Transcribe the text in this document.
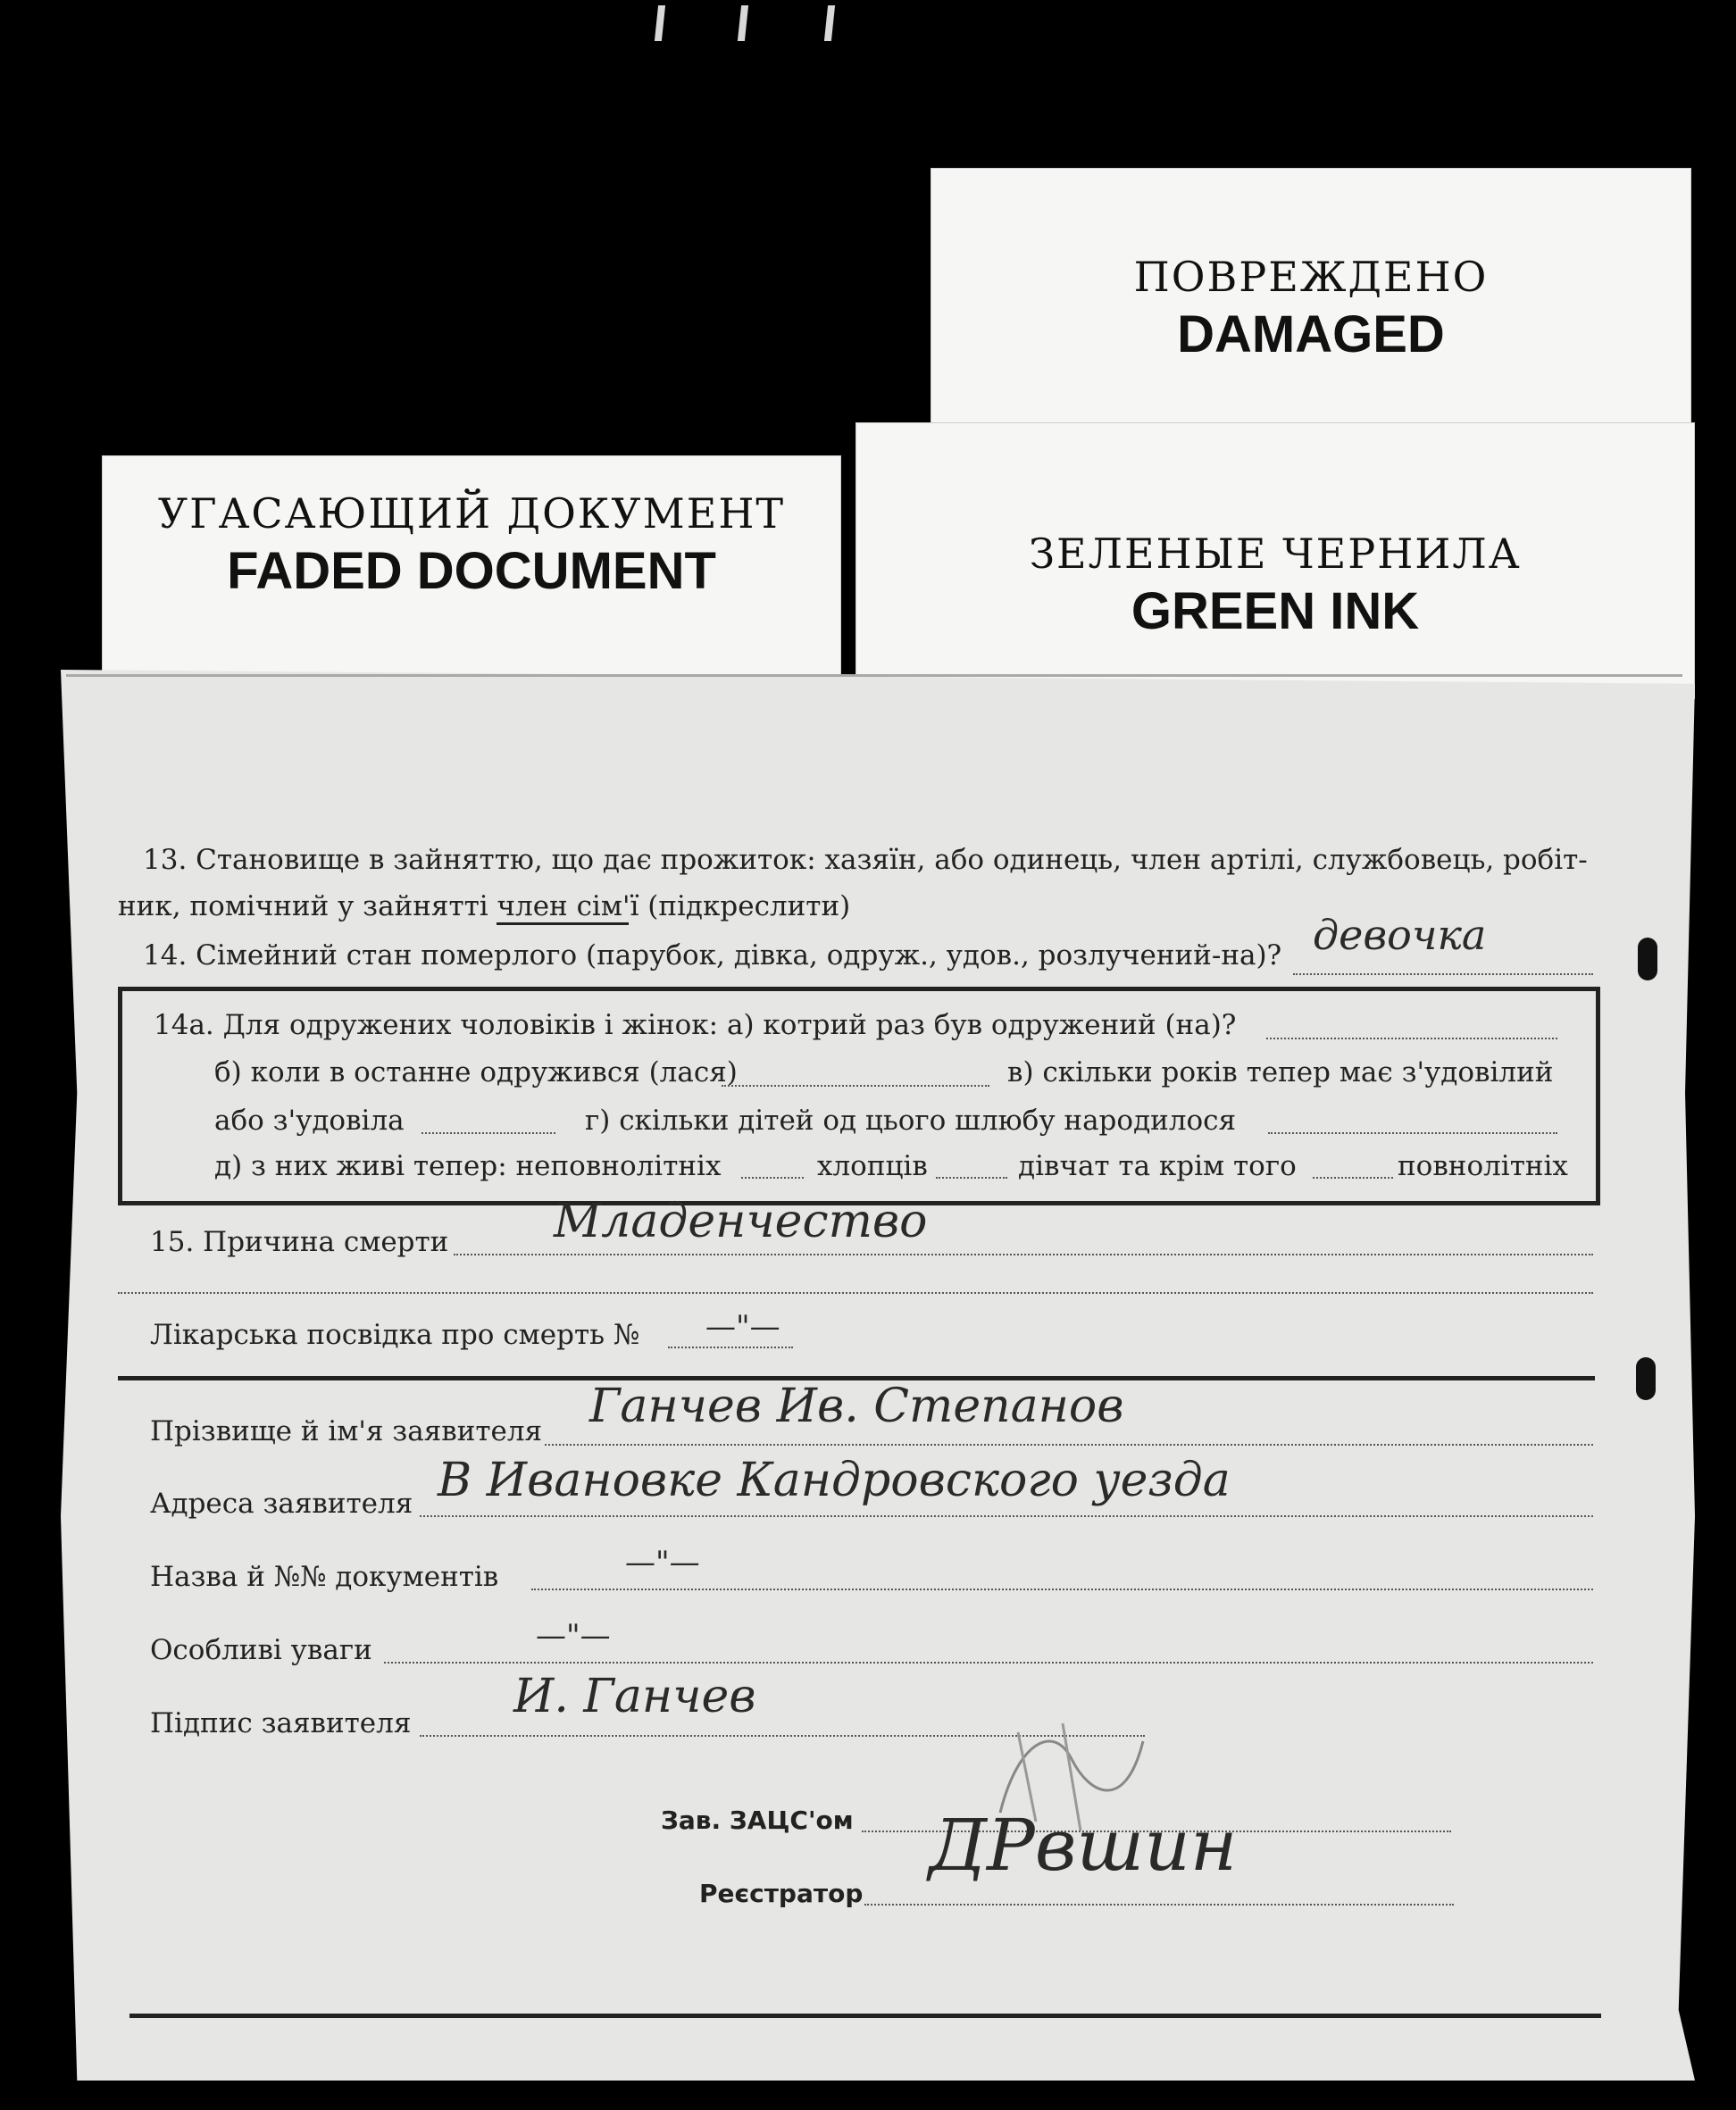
ПОВРЕЖДЕНО
DAMAGED
УГАСАЮЩИЙ ДОКУМЕНТ
FADED DOCUMENT	ЗЕЛЕНЫЕ ЧЕРНИЛА
GREEN INK
13. Становище в зайняттю, що дає прожиток: хазяїн, або одинець, член артілі, службовець, робіт-
ник, помічний у зайнятті член сім'ї (підкреслити)
14. Сімейний стан померлого (парубок, дівка, одруж., удов., розлучений-на)? девочка
14а. Для одружених чоловіків і жінок: а) котрий раз був одружений (на)?
б) коли в останне одружився (лася)	в) скільки років тепер має з'удовілий
або з'удовіла	г) скільки дітей од цього шлюбу народилося
д) з них живі тепер: неповнолітніх	хлопців	дівчат та крім того	повнолітніх
15. Причина смерти Младенчество
Лікарська посвідка про смерть № —"—
Прізвище й ім'я заявителя Ганчев Ив. Степанов
Адреса заявителя В Ивановке Кандровского уезда
Назва й №№ документів	—"—
Особливі уваги	—"—
Підпис заявителя И. Ганчев
Зав. ЗАЦС'ом
Реєстратор
ДРвшин
